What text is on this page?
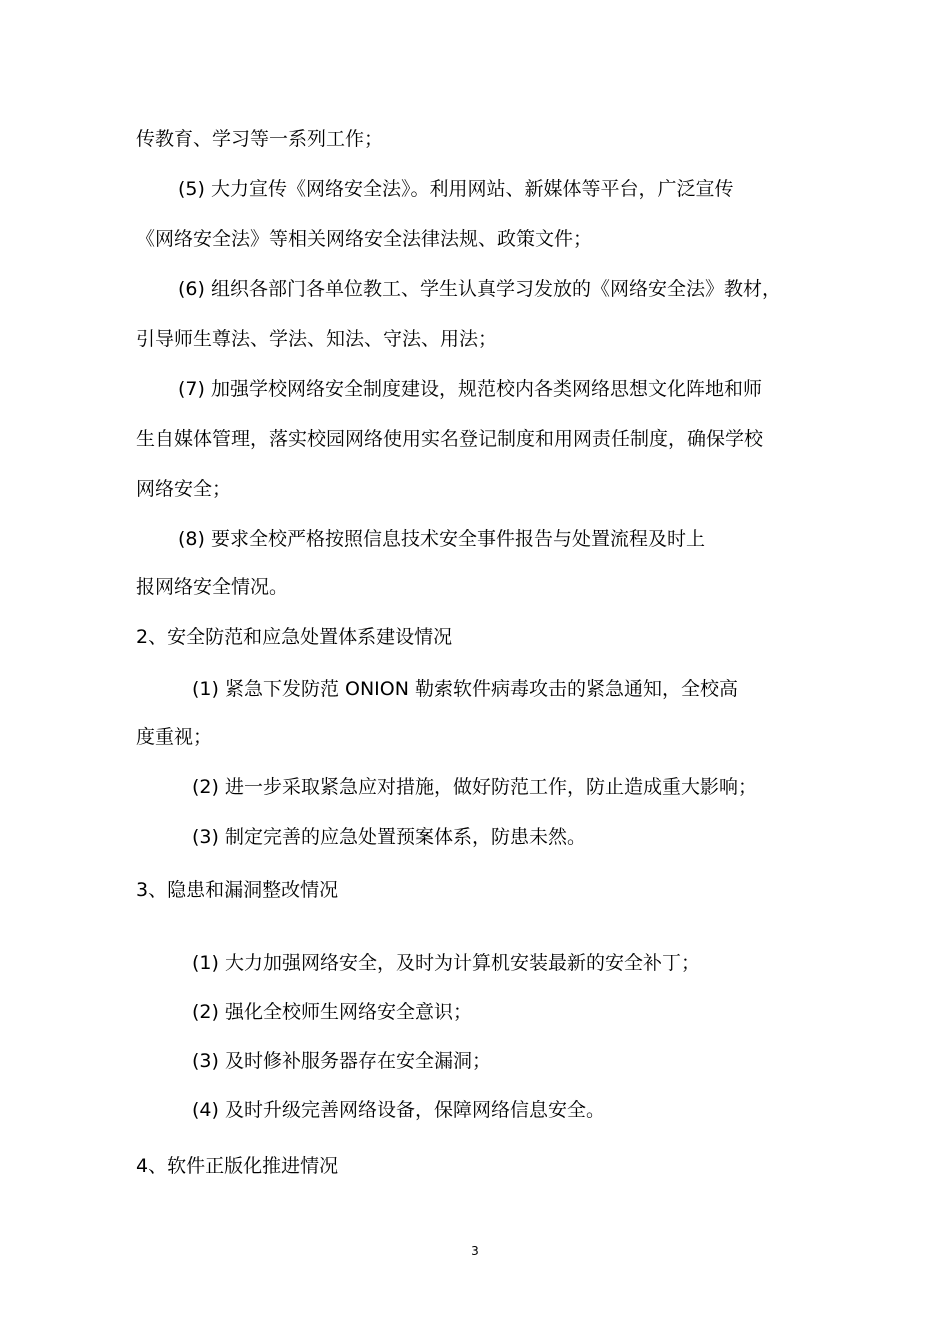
传教育、学习等一系列工作；
(5) 大力宣传《网络安全法》。利用网站、新媒体等平台，广泛宣传
《网络安全法》等相关网络安全法律法规、政策文件；
(6) 组织各部门各单位教工、学生认真学习发放的《网络安全法》教材，
引导师生尊法、学法、知法、守法、用法；
(7) 加强学校网络安全制度建设，规范校内各类网络思想文化阵地和师
生自媒体管理，落实校园网络使用实名登记制度和用网责任制度，确保学校
网络安全；
(8) 要求全校严格按照信息技术安全事件报告与处置流程及时上
报网络安全情况。
2、安全防范和应急处置体系建设情况
(1) 紧急下发防范 ONION 勒索软件病毒攻击的紧急通知，全校高
度重视；
(2) 进一步采取紧急应对措施，做好防范工作，防止造成重大影响；
(3) 制定完善的应急处置预案体系，防患未然。
3、隐患和漏洞整改情况
(1) 大力加强网络安全，及时为计算机安装最新的安全补丁；
(2) 强化全校师生网络安全意识；
(3) 及时修补服务器存在安全漏洞；
(4) 及时升级完善网络设备，保障网络信息安全。
4、软件正版化推进情况
3
